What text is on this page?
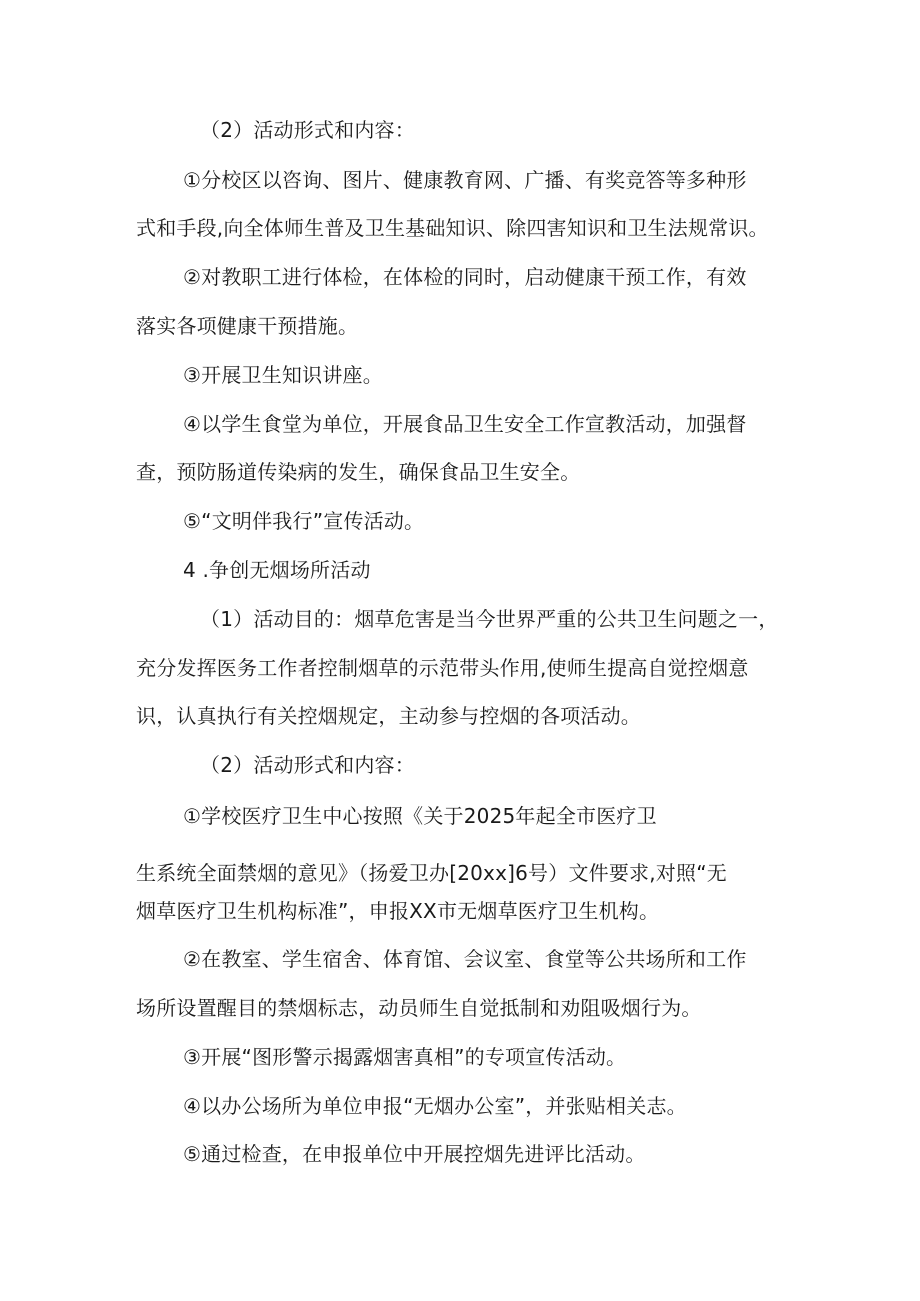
（2）活动形式和内容：
①分校区以咨询、图片、健康教育网、广播、有奖竞答等多种形
式和手段,向全体师生普及卫生基础知识、除四害知识和卫生法规常识。
②对教职工进行体检，在体检的同时，启动健康干预工作，有效
落实各项健康干预措施。
③开展卫生知识讲座。
④以学生食堂为单位，开展食品卫生安全工作宣教活动，加强督
查，预防肠道传染病的发生，确保食品卫生安全。
⑤“文明伴我行”宣传活动。
4 .争创无烟场所活动
（1）活动目的：烟草危害是当今世界严重的公共卫生问题之一，
充分发挥医务工作者控制烟草的示范带头作用,使师生提高自觉控烟意
识，认真执行有关控烟规定，主动参与控烟的各项活动。
（2）活动形式和内容：
①学校医疗卫生中心按照《关于2025年起全市医疗卫
生系统全面禁烟的意见》（扬爱卫办[20xx]6号）文件要求,对照“无
烟草医疗卫生机构标准”，申报XX市无烟草医疗卫生机构。
②在教室、学生宿舍、体育馆、会议室、食堂等公共场所和工作
场所设置醒目的禁烟标志，动员师生自觉抵制和劝阻吸烟行为。
③开展“图形警示揭露烟害真相”的专项宣传活动。
④以办公场所为单位申报“无烟办公室”，并张贴相关志。
⑤通过检查，在申报单位中开展控烟先进评比活动。
